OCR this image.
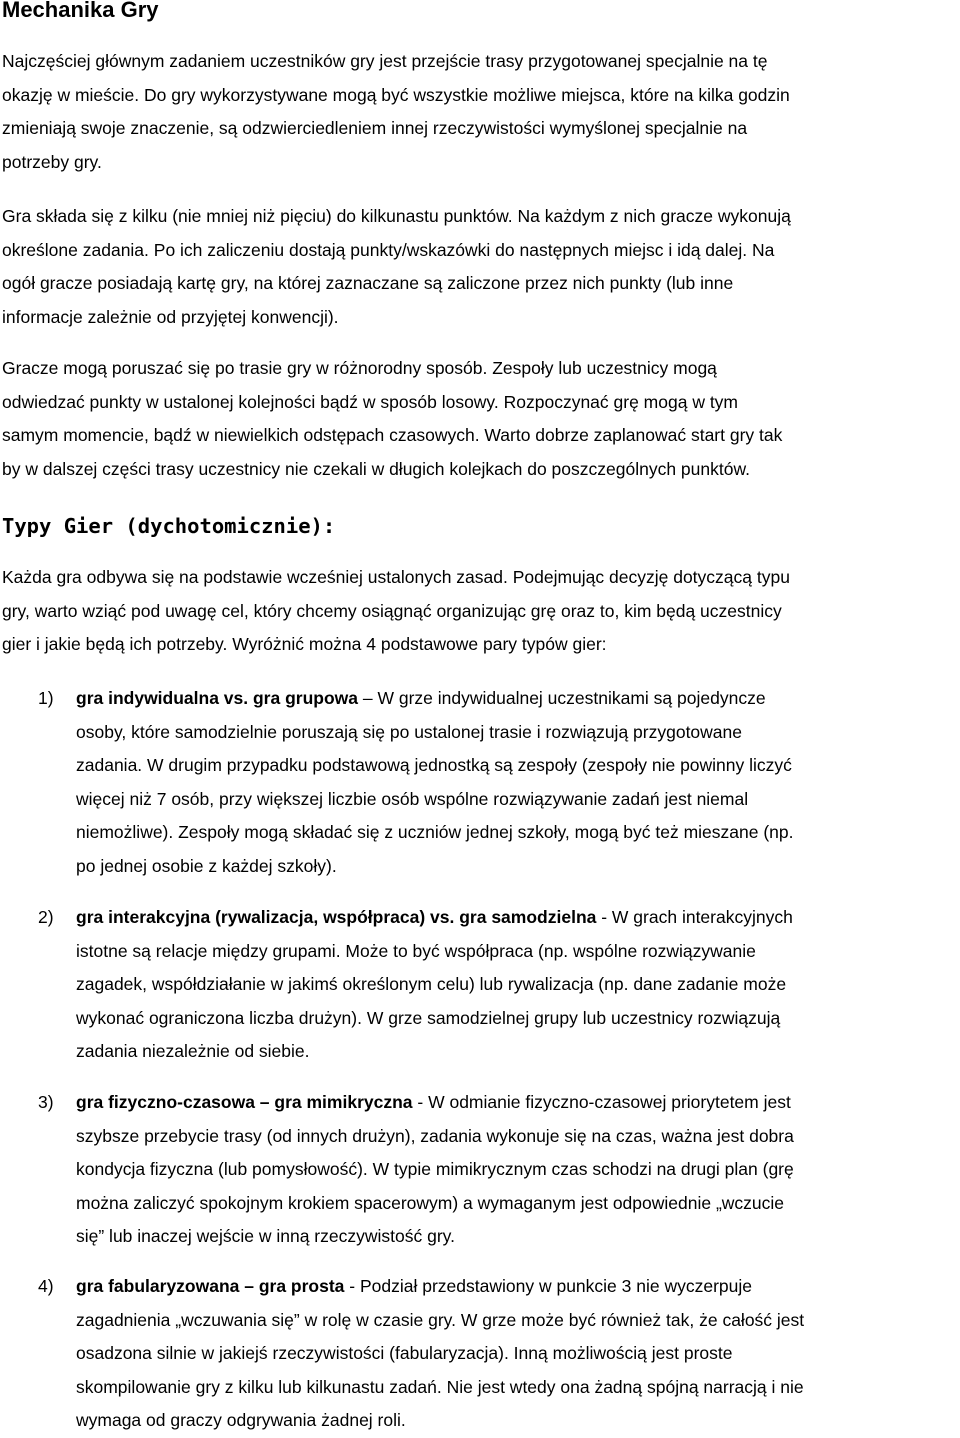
Mechanika Gry

Najczęściej głównym zadaniem uczestników gry jest przejście trasy przygotowanej specjalnie na tę
okazję w mieście. Do gry wykorzystywane mogą być wszystkie możliwe miejsca, które na kilka godzin
zmieniają swoje znaczenie, są odzwierciedleniem innej rzeczywistości wymyślonej specjalnie na
potrzeby gry.

Gra składa się z kilku (nie mniej niż pięciu) do kilkunastu punktów. Na każdym z nich gracze wykonują
określone zadania. Po ich zaliczeniu dostają punkty/wskazówki do następnych miejsc i idą dalej. Na
ogół gracze posiadają kartę gry, na której zaznaczane są zaliczone przez nich punkty (lub inne
informacje zależnie od przyjętej konwencji).

Gracze mogą poruszać się po trasie gry w różnorodny sposób. Zespoły lub uczestnicy mogą
odwiedzać punkty w ustalonej kolejności bądź w sposób losowy. Rozpoczynać grę mogą w tym
samym momencie, bądź w niewielkich odstępach czasowych. Warto dobrze zaplanować start gry tak
by w dalszej części trasy uczestnicy nie czekali w długich kolejkach do poszczególnych punktów.

Typy Gier (dychotomicznie):

Każda gra odbywa się na podstawie wcześniej ustalonych zasad. Podejmując decyzję dotyczącą typu
gry, warto wziąć pod uwagę cel, który chcemy osiągnąć organizując grę oraz to, kim będą uczestnicy
gier i jakie będą ich potrzeby. Wyróżnić można 4 podstawowe pary typów gier:

1) gra indywidualna vs. gra grupowa – W grze indywidualnej uczestnikami są pojedyncze
osoby, które samodzielnie poruszają się po ustalonej trasie i rozwiązują przygotowane
zadania. W drugim przypadku podstawową jednostką są zespoły (zespoły nie powinny liczyć
więcej niż 7 osób, przy większej liczbie osób wspólne rozwiązywanie zadań jest niemal
niemożliwe). Zespoły mogą składać się z uczniów jednej szkoły, mogą być też mieszane (np.
po jednej osobie z każdej szkoły).

2) gra interakcyjna (rywalizacja, współpraca) vs. gra samodzielna - W grach interakcyjnych
istotne są relacje między grupami. Może to być współpraca (np. wspólne rozwiązywanie
zagadek, współdziałanie w jakimś określonym celu) lub rywalizacja (np. dane zadanie może
wykonać ograniczona liczba drużyn). W grze samodzielnej grupy lub uczestnicy rozwiązują
zadania niezależnie od siebie.

3) gra fizyczno-czasowa – gra mimikryczna - W odmianie fizyczno-czasowej priorytetem jest
szybsze przebycie trasy (od innych drużyn), zadania wykonuje się na czas, ważna jest dobra
kondycja fizyczna (lub pomysłowość). W typie mimikrycznym czas schodzi na drugi plan (grę
można zaliczyć spokojnym krokiem spacerowym) a wymaganym jest odpowiednie „wczucie
się” lub inaczej wejście w inną rzeczywistość gry.

4) gra fabularyzowana – gra prosta - Podział przedstawiony w punkcie 3 nie wyczerpuje
zagadnienia „wczuwania się” w rolę w czasie gry. W grze może być również tak, że całość jest
osadzona silnie w jakiejś rzeczywistości (fabularyzacja). Inną możliwością jest proste
skompilowanie gry z kilku lub kilkunastu zadań. Nie jest wtedy ona żadną spójną narracją i nie
wymaga od graczy odgrywania żadnej roli.
